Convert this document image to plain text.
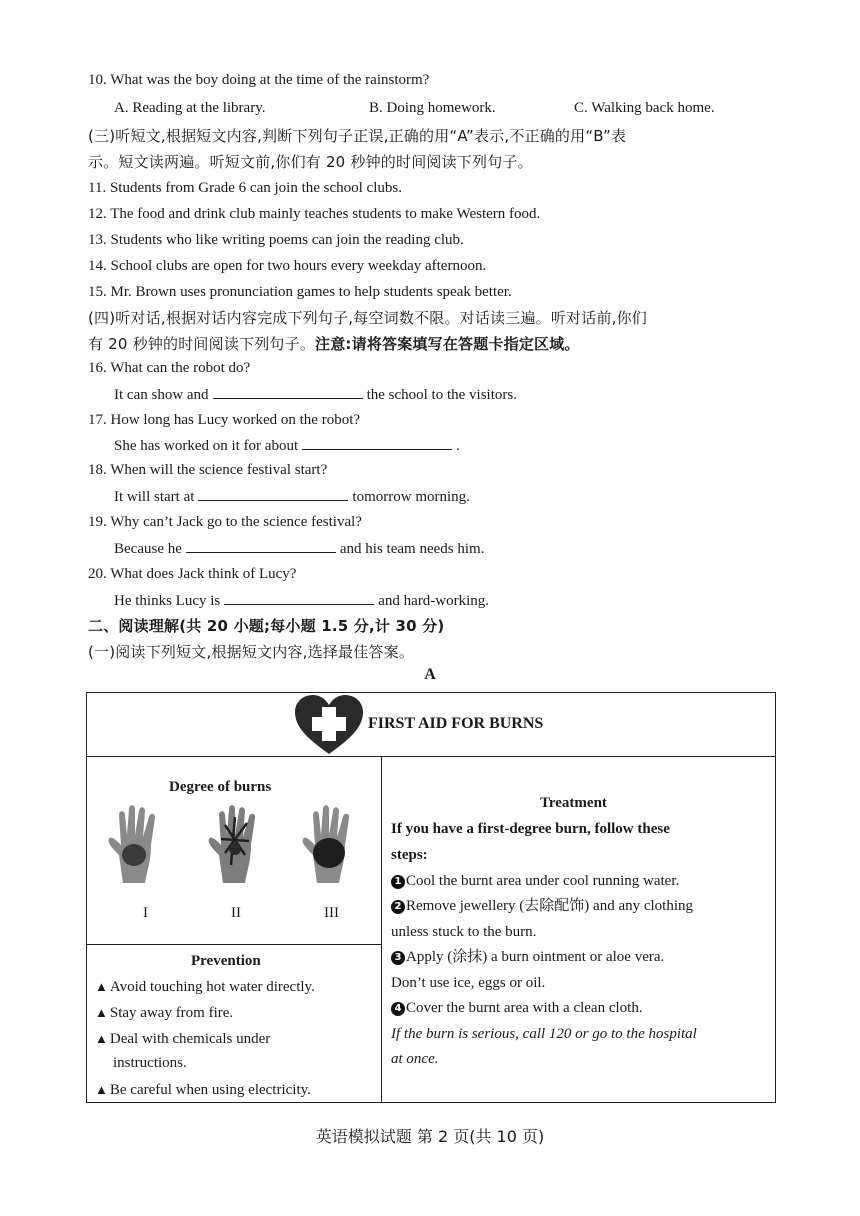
10. What was the boy doing at the time of the rainstorm?
A. Reading at the library.	B. Doing homework.	C. Walking back home.
(三)听短文,根据短文内容,判断下列句子正误,正确的用“A”表示,不正确的用“B”表
示。短文读两遍。听短文前,你们有 20 秒钟的时间阅读下列句子。
11. Students from Grade 6 can join the school clubs.
12. The food and drink club mainly teaches students to make Western food.
13. Students who like writing poems can join the reading club.
14. School clubs are open for two hours every weekday afternoon.
15. Mr. Brown uses pronunciation games to help students speak better.
(四)听对话,根据对话内容完成下列句子,每空词数不限。对话读三遍。听对话前,你们
有 20 秒钟的时间阅读下列句子。注意:请将答案填写在答题卡指定区域。
16. What can the robot do?
It can show and	the school to the visitors.
17. How long has Lucy worked on the robot?
She has worked on it for about	.
18. When will the science festival start?
It will start at	tomorrow morning.
19. Why can’t Jack go to the science festival?
Because he	and his team needs him.
20. What does Jack think of Lucy?
He thinks Lucy is	and hard-working.
二、阅读理解(共 20 小题;每小题 1.5 分,计 30 分)
(一)阅读下列短文,根据短文内容,选择最佳答案。
A
FIRST AID FOR BURNS
Degree of burns
I	II	III
Prevention
▲ Avoid touching hot water directly.
▲ Stay away from fire.
▲ Deal with chemicals under
instructions.
▲ Be careful when using electricity.
Treatment
If you have a first-degree burn, follow these
steps:
1 Cool the burnt area under cool running water.
2 Remove jewellery (去除配饰) and any clothing
unless stuck to the burn.
3 Apply (涂抹) a burn ointment or aloe vera.
Don’t use ice, eggs or oil.
4 Cover the burnt area with a clean cloth.
If the burn is serious, call 120 or go to the hospital
at once.
英语模拟试题 第 2 页(共 10 页)
